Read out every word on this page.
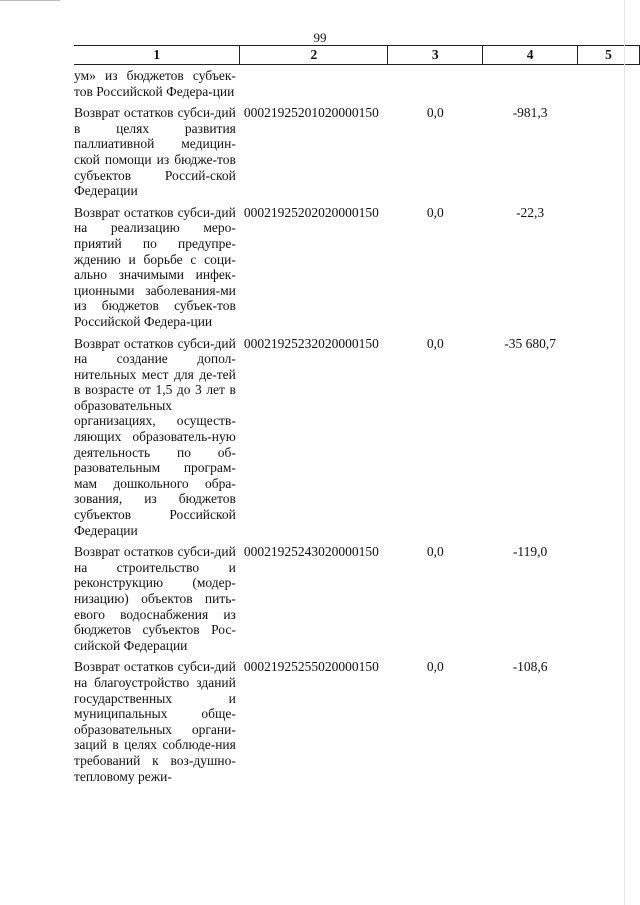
99
1	2	3	4	5
ум» из бюджетов субъек-тов Российской Федера-ции				
Возврат остатков субси-дий в целях развития паллиативной медицин-ской помощи из бюдже-тов субъектов Россий-ской Федерации	00021925201020000150	0,0	-981,3	
Возврат остатков субси-дий на реализацию меро-приятий по предупре-ждению и борьбе с соци-ально значимыми инфек-ционными заболевания-ми из бюджетов субъек-тов Российской Федера-ции	00021925202020000150	0,0	-22,3	
Возврат остатков субси-дий на создание допол-нительных мест для де-тей в возрасте от 1,5 до 3 лет в образовательных организациях, осуществ-ляющих образователь-ную деятельность по об-разовательным програм-мам дошкольного обра-зования, из бюджетов субъектов Российской Федерации	00021925232020000150	0,0	-35 680,7	
Возврат остатков субси-дий на строительство и реконструкцию (модер-низацию) объектов пить-евого водоснабжения из бюджетов субъектов Рос-сийской Федерации	00021925243020000150	0,0	-119,0	
Возврат остатков субси-дий на благоустройство зданий государственных и муниципальных обще-образовательных органи-заций в целях соблюде-ния требований к воз-душно-тепловому режи-	00021925255020000150	0,0	-108,6	
